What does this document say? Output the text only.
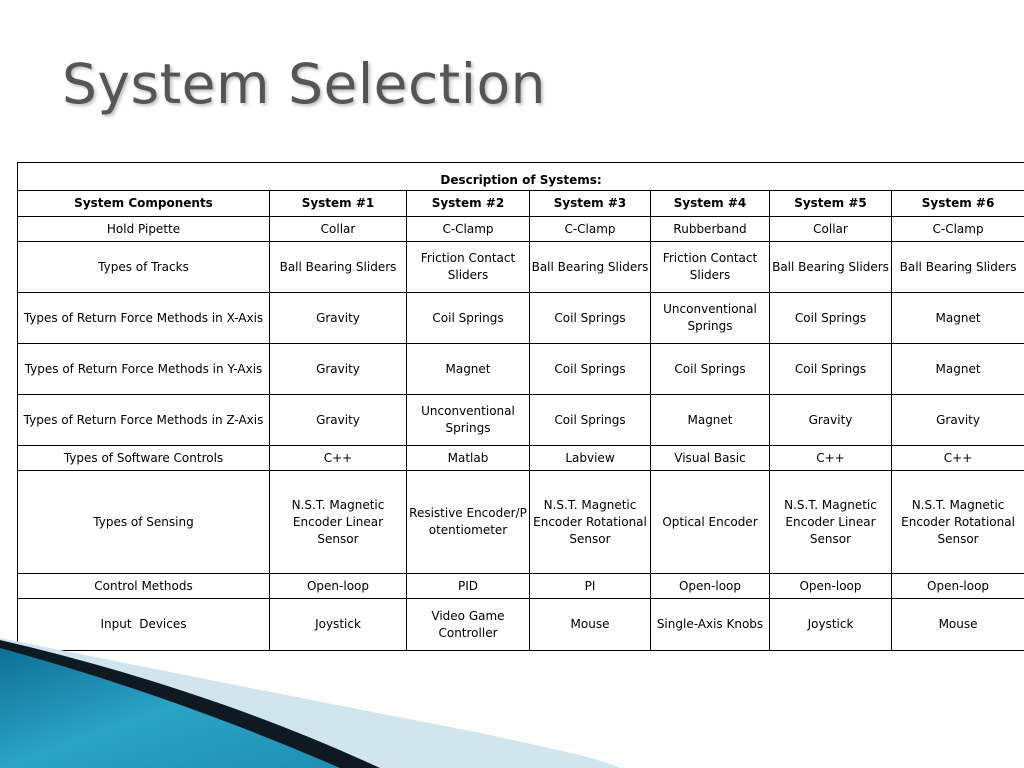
System Selection
Description of Systems:						
System Components	System #1	System #2	System #3	System #4	System #5	System #6
Hold Pipette	Collar	C-Clamp	C-Clamp	Rubberband	Collar	C-Clamp
Types of Tracks	Ball Bearing Sliders	Friction Contact Sliders	Ball Bearing Sliders	Friction Contact Sliders	Ball Bearing Sliders	Ball Bearing Sliders
Types of Return Force Methods in X-Axis	Gravity	Coil Springs	Coil Springs	Unconventional Springs	Coil Springs	Magnet
Types of Return Force Methods in Y-Axis	Gravity	Magnet	Coil Springs	Coil Springs	Coil Springs	Magnet
Types of Return Force Methods in Z-Axis	Gravity	Unconventional Springs	Coil Springs	Magnet	Gravity	Gravity
Types of Software Controls	C++	Matlab	Labview	Visual Basic	C++	C++
Types of Sensing	N.S.T. Magnetic Encoder Linear Sensor	Resistive Encoder/Potentiometer	N.S.T. Magnetic Encoder Rotational Sensor	Optical Encoder	N.S.T. Magnetic Encoder Linear Sensor	N.S.T. Magnetic Encoder Rotational Sensor
Control Methods	Open-loop	PID	PI	Open-loop	Open-loop	Open-loop
Input  Devices	Joystick	Video Game Controller	Mouse	Single-Axis Knobs	Joystick	Mouse
